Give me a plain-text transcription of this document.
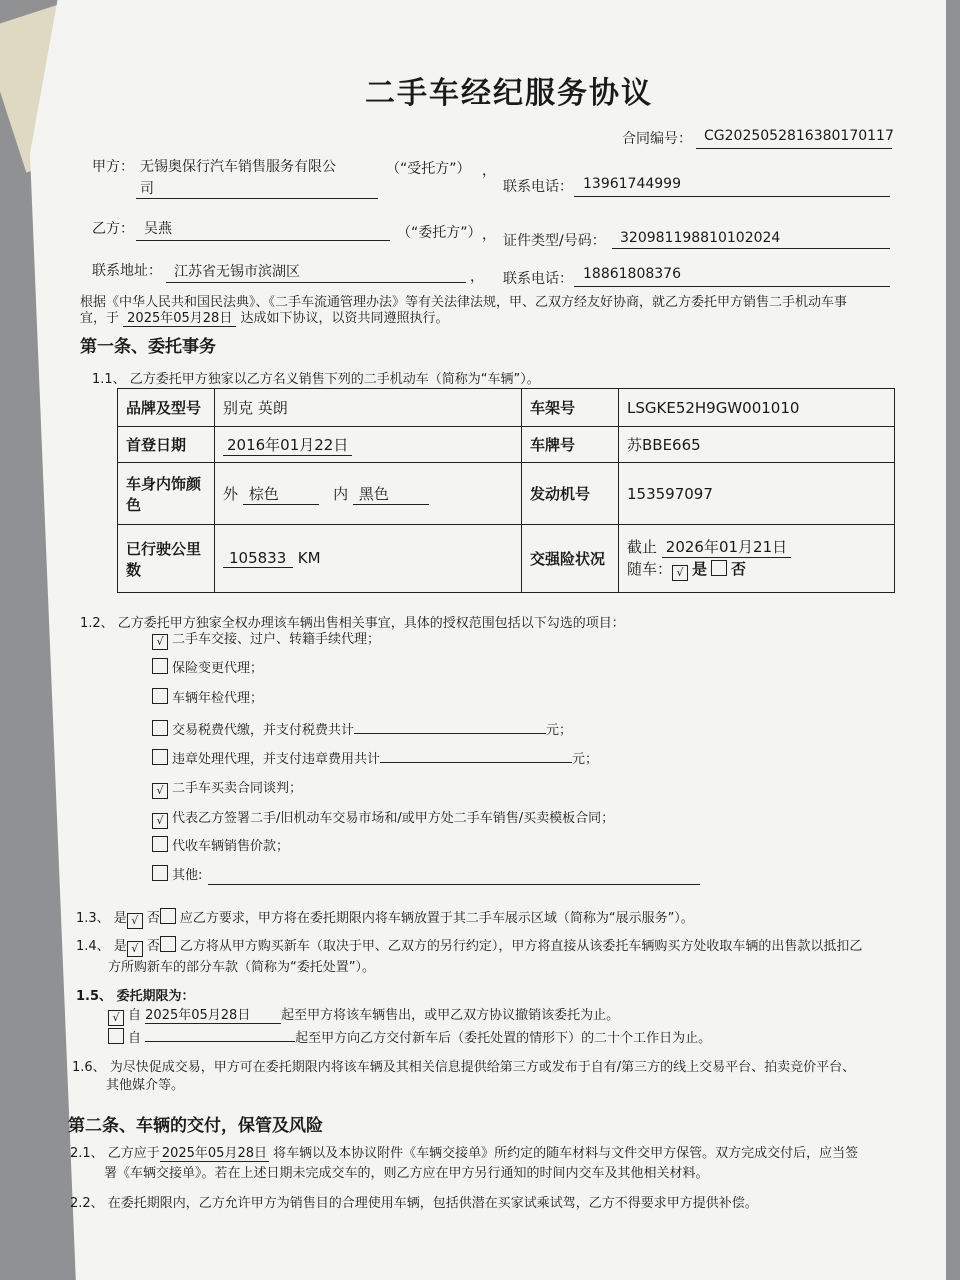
二手车经纪服务协议
合同编号： CG2025052816380170117
甲方： 无锡奥保行汽车销售服务有限公
司
（“受托方”） ，
联系电话： 13961744999
乙方： 吴燕	（“委托方”） ， 证件类型/号码： 320981198810102024
联系地址： 江苏省无锡市滨湖区	， 联系电话： 18861808376
根据《中华人民共和国民法典》、《二手车流通管理办法》等有关法律法规，甲、乙双方经友好协商，就乙方委托甲方销售二手机动车事
宜，于 2025年05月28日 达成如下协议，以资共同遵照执行。
第一条、委托事务
1.1、 乙方委托甲方独家以乙方名义销售下列的二手机动车（简称为“车辆”）。
品牌及型号	别克 英朗	车架号	LSGKE52H9GW001010
首登日期	2016年01月22日	车牌号	苏BBE665
车身内饰颜色	外 棕色 内 黑色	发动机号	153597097
已行驶公里数	105833 KM	交强险状况	截止 2026年01月21日
随车： √ 是 否
1.2、 乙方委托甲方独家全权办理该车辆出售相关事宜，具体的授权范围包括以下勾选的项目：
√ 二手车交接、过户、转籍手续代理；
保险变更代理；
车辆年检代理；
交易税费代缴，并支付税费共计	元；
违章处理代理，并支付违章费用共计	元；
√ 二手车买卖合同谈判；
√ 代表乙方签署二手/旧机动车交易市场和/或甲方处二手车销售/买卖模板合同；
代收车辆销售价款；
其他:
1.3、 是 √ 否 应乙方要求，甲方将在委托期限内将车辆放置于其二手车展示区域（简称为“展示服务”）。
1.4、 是 √ 否 乙方将从甲方购买新车（取决于甲、乙双方的另行约定），甲方将直接从该委托车辆购买方处收取车辆的出售款以抵扣乙
方所购新车的部分车款（简称为“委托处置”）。
1.5、 委托期限为：
√ 自 2025年05月28日 起至甲方将该车辆售出，或甲乙双方协议撤销该委托为止。
自	起至甲方向乙方交付新车后（委托处置的情形下）的二十个工作日为止。
1.6、 为尽快促成交易，甲方可在委托期限内将该车辆及其相关信息提供给第三方或发布于自有/第三方的线上交易平台、拍卖竞价平台、
其他媒介等。
第二条、车辆的交付，保管及风险
2.1、 乙方应于 2025年05月28日 将车辆以及本协议附件《车辆交接单》所约定的随车材料与文件交甲方保管。双方完成交付后，应当签
署《车辆交接单》。若在上述日期未完成交车的，则乙方应在甲方另行通知的时间内交车及其他相关材料。
2.2、 在委托期限内，乙方允许甲方为销售目的合理使用车辆，包括供潜在买家试乘试驾，乙方不得要求甲方提供补偿。
